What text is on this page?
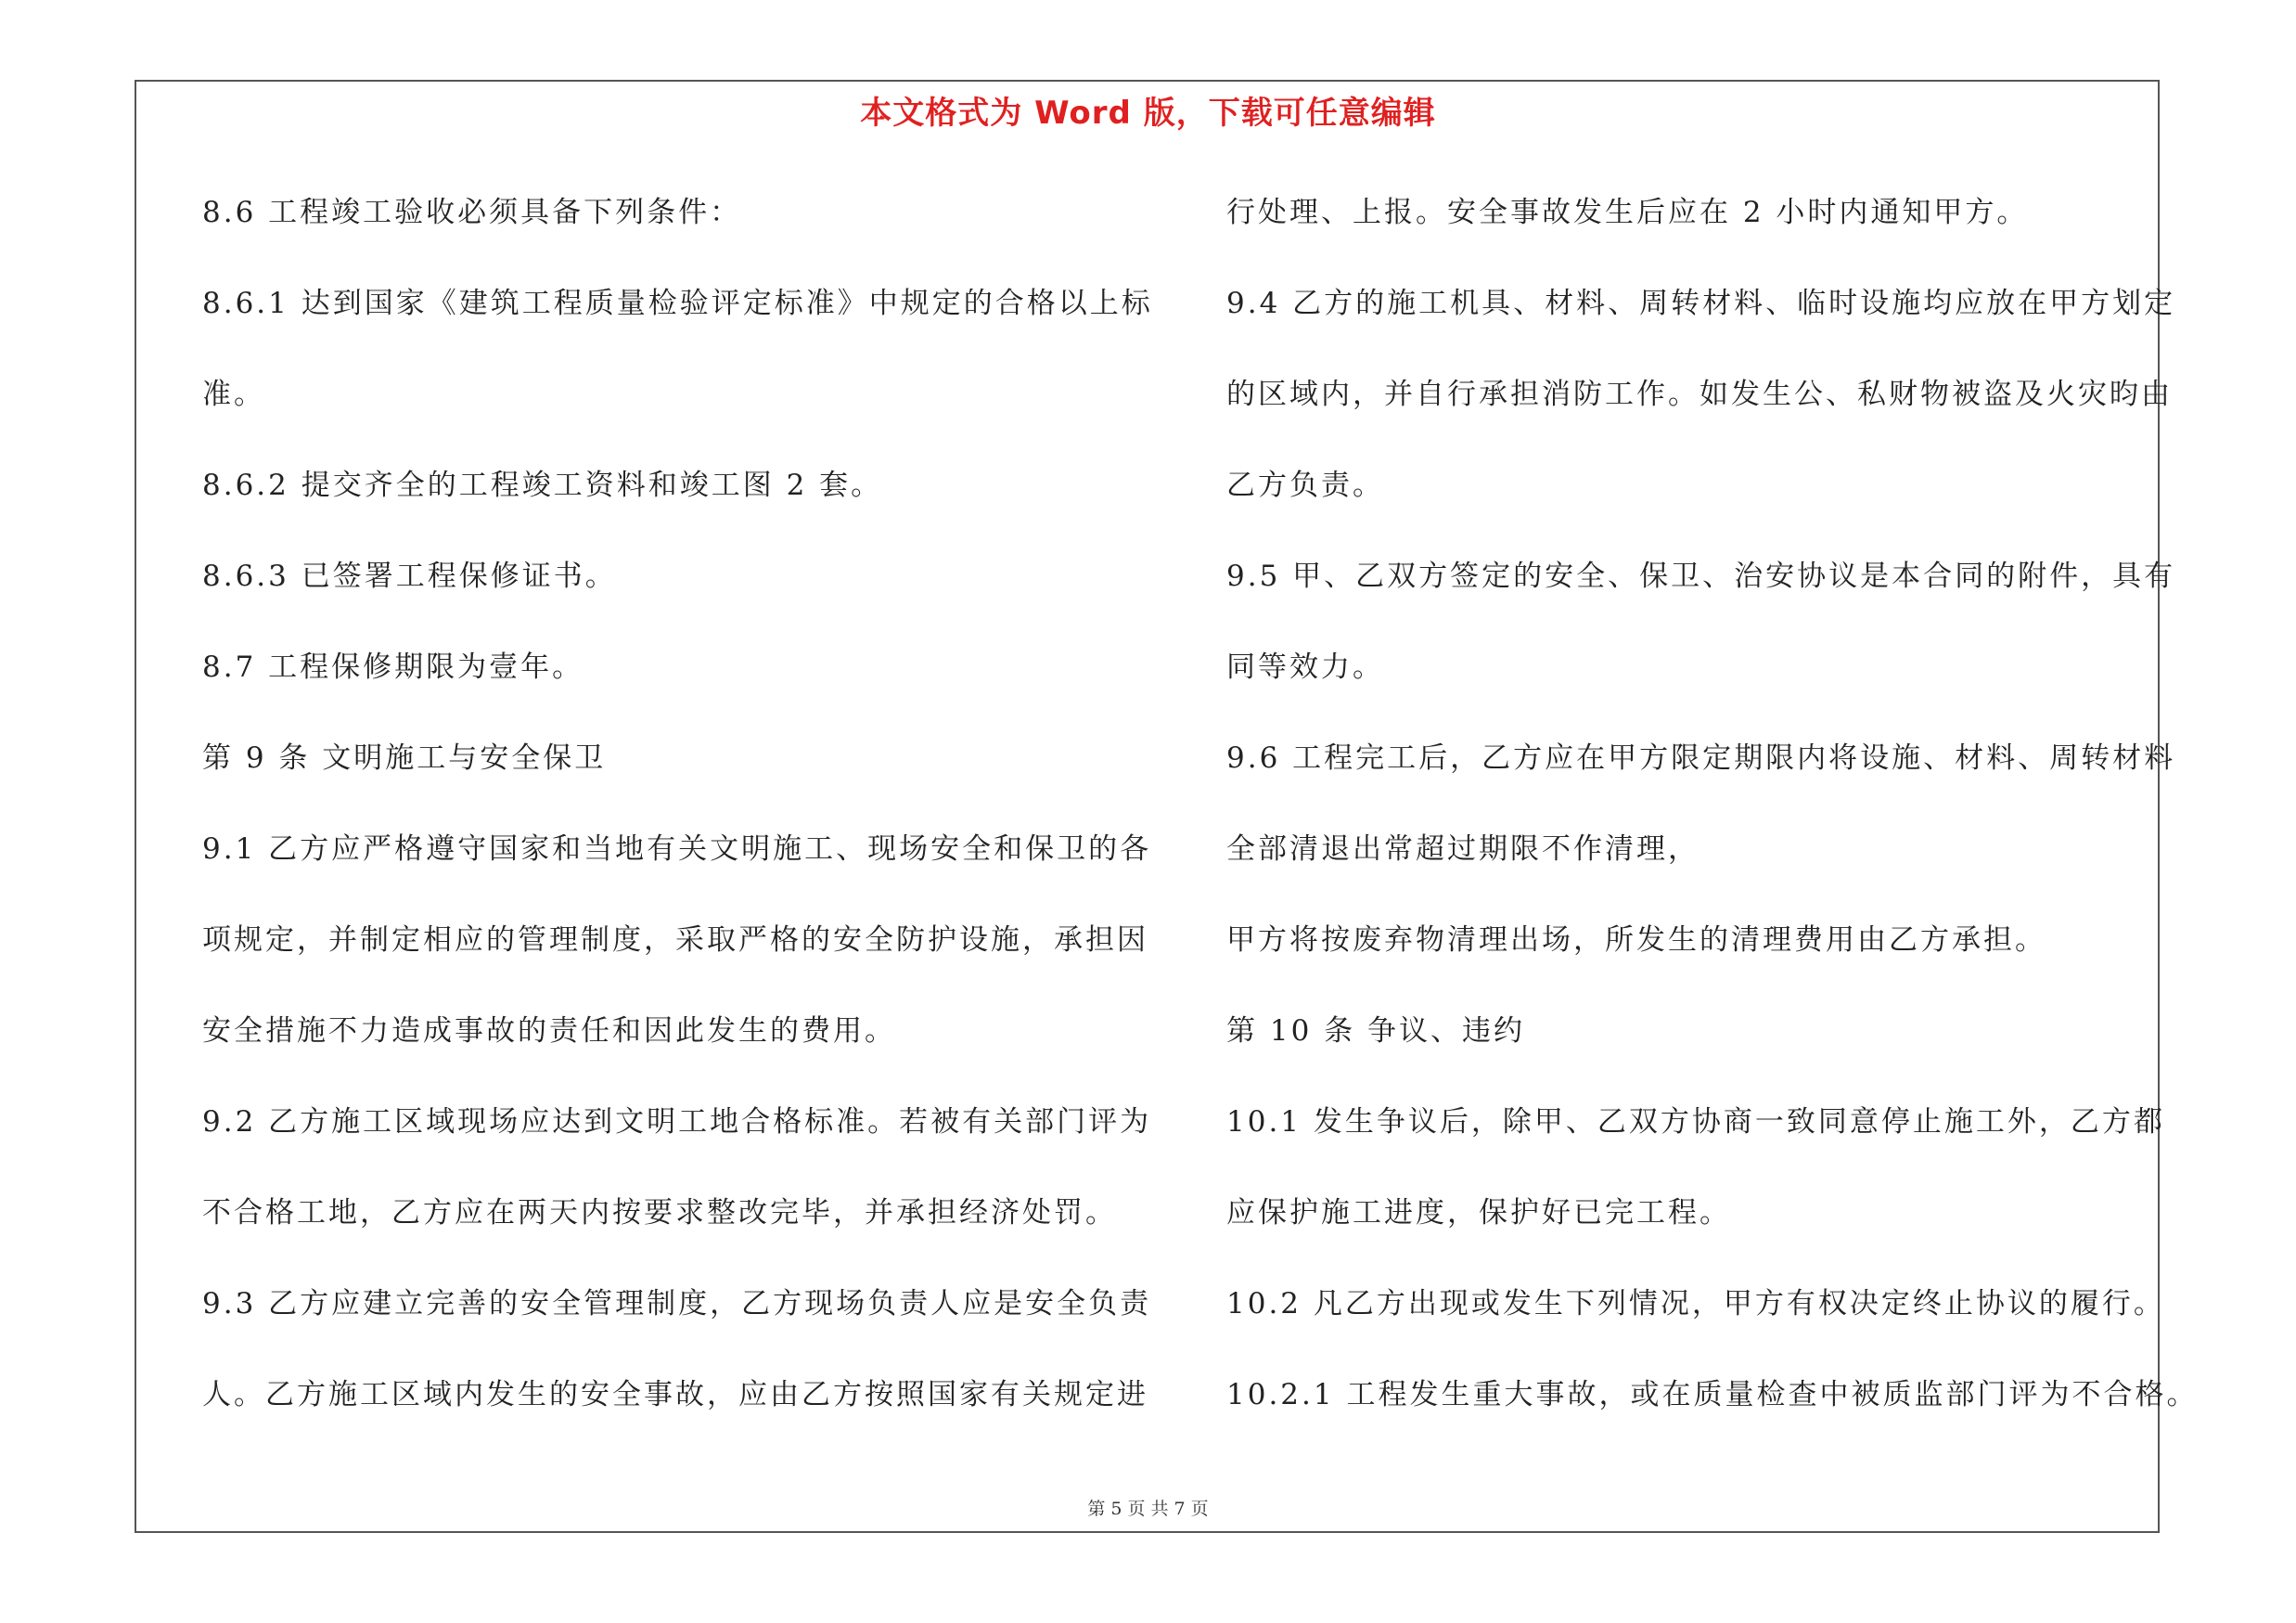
本文格式为 Word 版，下载可任意编辑
8.6 工程竣工验收必须具备下列条件：
8.6.1 达到国家《建筑工程质量检验评定标准》中规定的合格以上标
准。
8.6.2 提交齐全的工程竣工资料和竣工图 2 套。
8.6.3 已签署工程保修证书。
8.7 工程保修期限为壹年。
第 9 条 文明施工与安全保卫
9.1 乙方应严格遵守国家和当地有关文明施工、现场安全和保卫的各
项规定，并制定相应的管理制度，采取严格的安全防护设施，承担因
安全措施不力造成事故的责任和因此发生的费用。
9.2 乙方施工区域现场应达到文明工地合格标准。若被有关部门评为
不合格工地，乙方应在两天内按要求整改完毕，并承担经济处罚。
9.3 乙方应建立完善的安全管理制度，乙方现场负责人应是安全负责
人。乙方施工区域内发生的安全事故，应由乙方按照国家有关规定进
行处理、上报。安全事故发生后应在 2 小时内通知甲方。
9.4 乙方的施工机具、材料、周转材料、临时设施均应放在甲方划定
的区域内，并自行承担消防工作。如发生公、私财物被盗及火灾昀由
乙方负责。
9.5 甲、乙双方签定的安全、保卫、治安协议是本合同的附件，具有
同等效力。
9.6 工程完工后，乙方应在甲方限定期限内将设施、材料、周转材料
全部清退出常超过期限不作清理，
甲方将按废弃物清理出场，所发生的清理费用由乙方承担。
第 10 条 争议、违约
10.1 发生争议后，除甲、乙双方协商一致同意停止施工外，乙方都
应保护施工进度，保护好已完工程。
10.2 凡乙方出现或发生下列情况，甲方有权决定终止协议的履行。
10.2.1 工程发生重大事故，或在质量检查中被质监部门评为不合格。
第 5 页 共 7 页
